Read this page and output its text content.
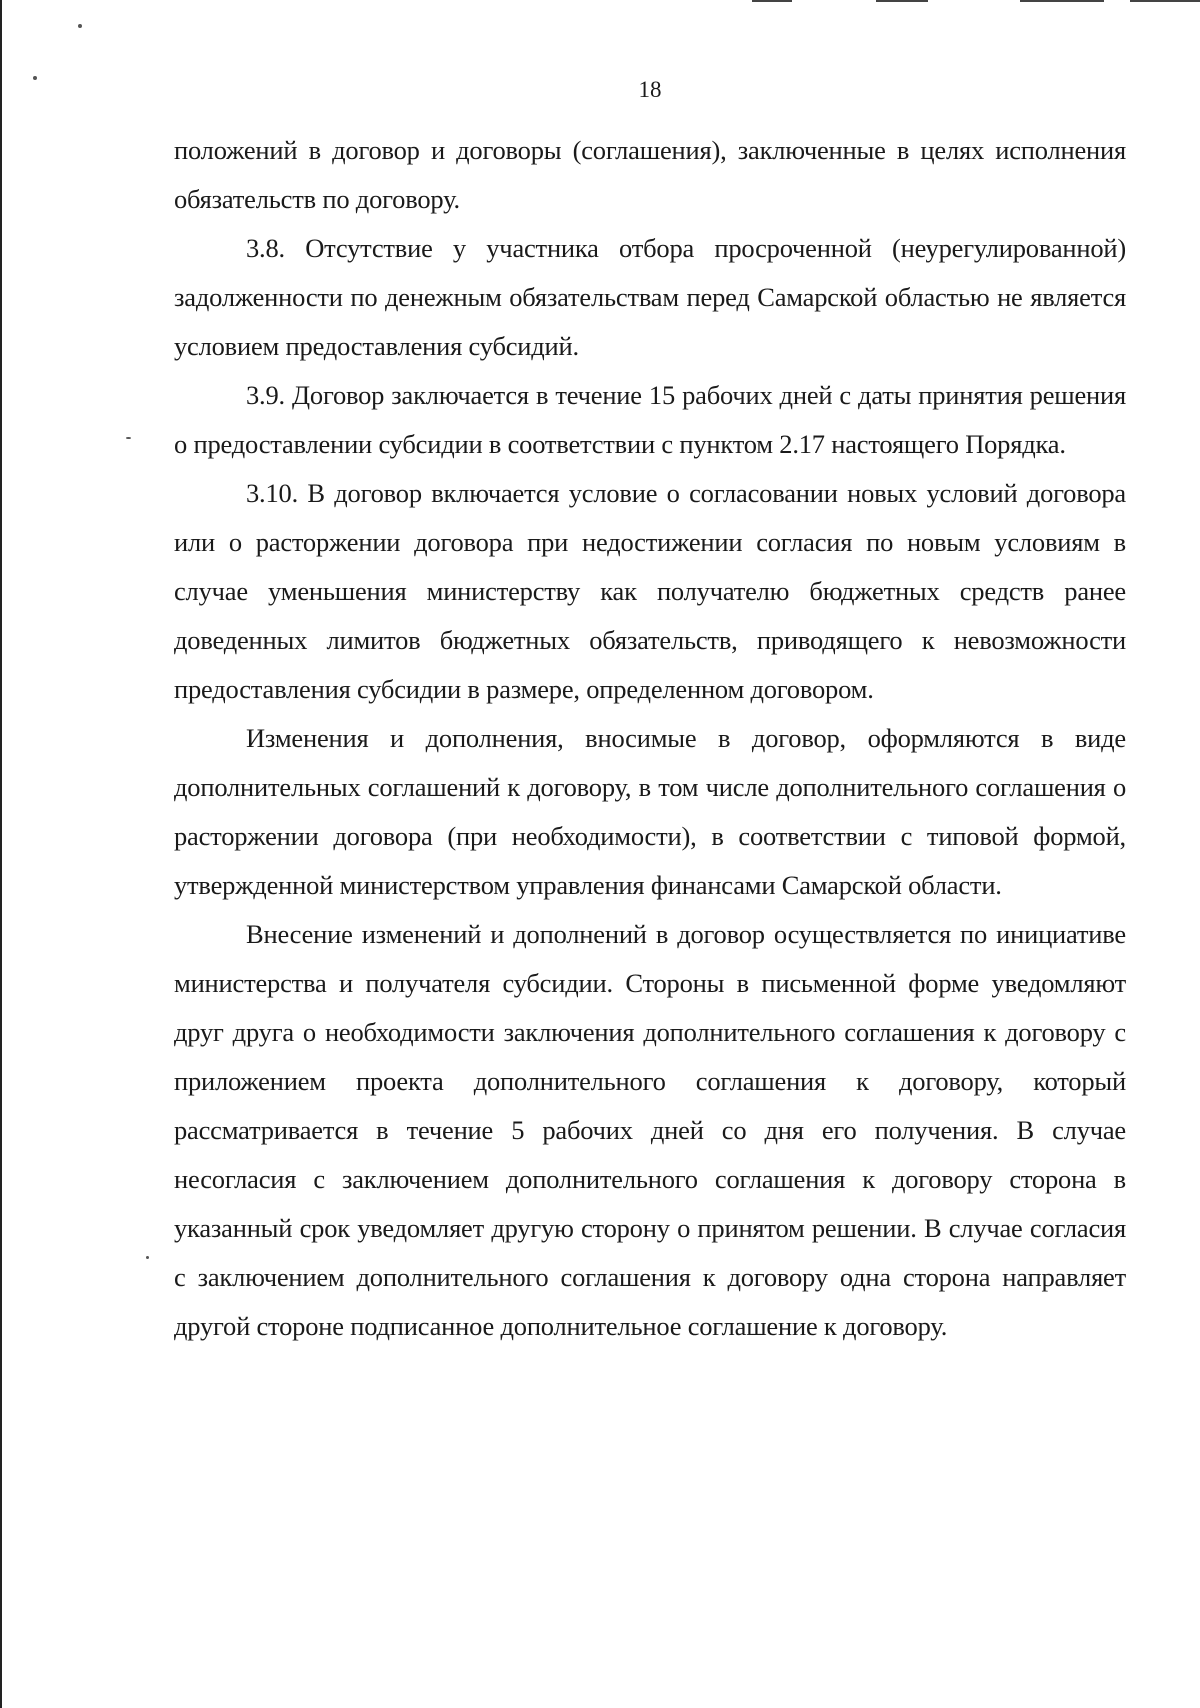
18

положений в договор и договоры (соглашения), заключенные в целях исполнения обязательств по договору.

3.8. Отсутствие у участника отбора просроченной (неурегулированной) задолженности по денежным обязательствам перед Самарской областью не является условием предоставления субсидий.

3.9. Договор заключается в течение 15 рабочих дней с даты принятия решения о предоставлении субсидии в соответствии с пунктом 2.17 настоящего Порядка.

3.10. В договор включается условие о согласовании новых условий договора или о расторжении договора при недостижении согласия по новым условиям в случае уменьшения министерству как получателю бюджетных средств ранее доведенных лимитов бюджетных обязательств, приводящего к невозможности предоставления субсидии в размере, определенном договором.

Изменения и дополнения, вносимые в договор, оформляются в виде дополнительных соглашений к договору, в том числе дополнительного соглашения о расторжении договора (при необходимости), в соответствии с типовой формой, утвержденной министерством управления финансами Самарской области.

Внесение изменений и дополнений в договор осуществляется по инициативе министерства и получателя субсидии. Стороны в письменной форме уведомляют друг друга о необходимости заключения дополнительного соглашения к договору с приложением проекта дополнительного соглашения к договору, который рассматривается в течение 5 рабочих дней со дня его получения. В случае несогласия с заключением дополнительного соглашения к договору сторона в указанный срок уведомляет другую сторону о принятом решении. В случае согласия с заключением дополнительного соглашения к договору одна сторона направляет другой стороне подписанное дополнительное соглашение к договору.
